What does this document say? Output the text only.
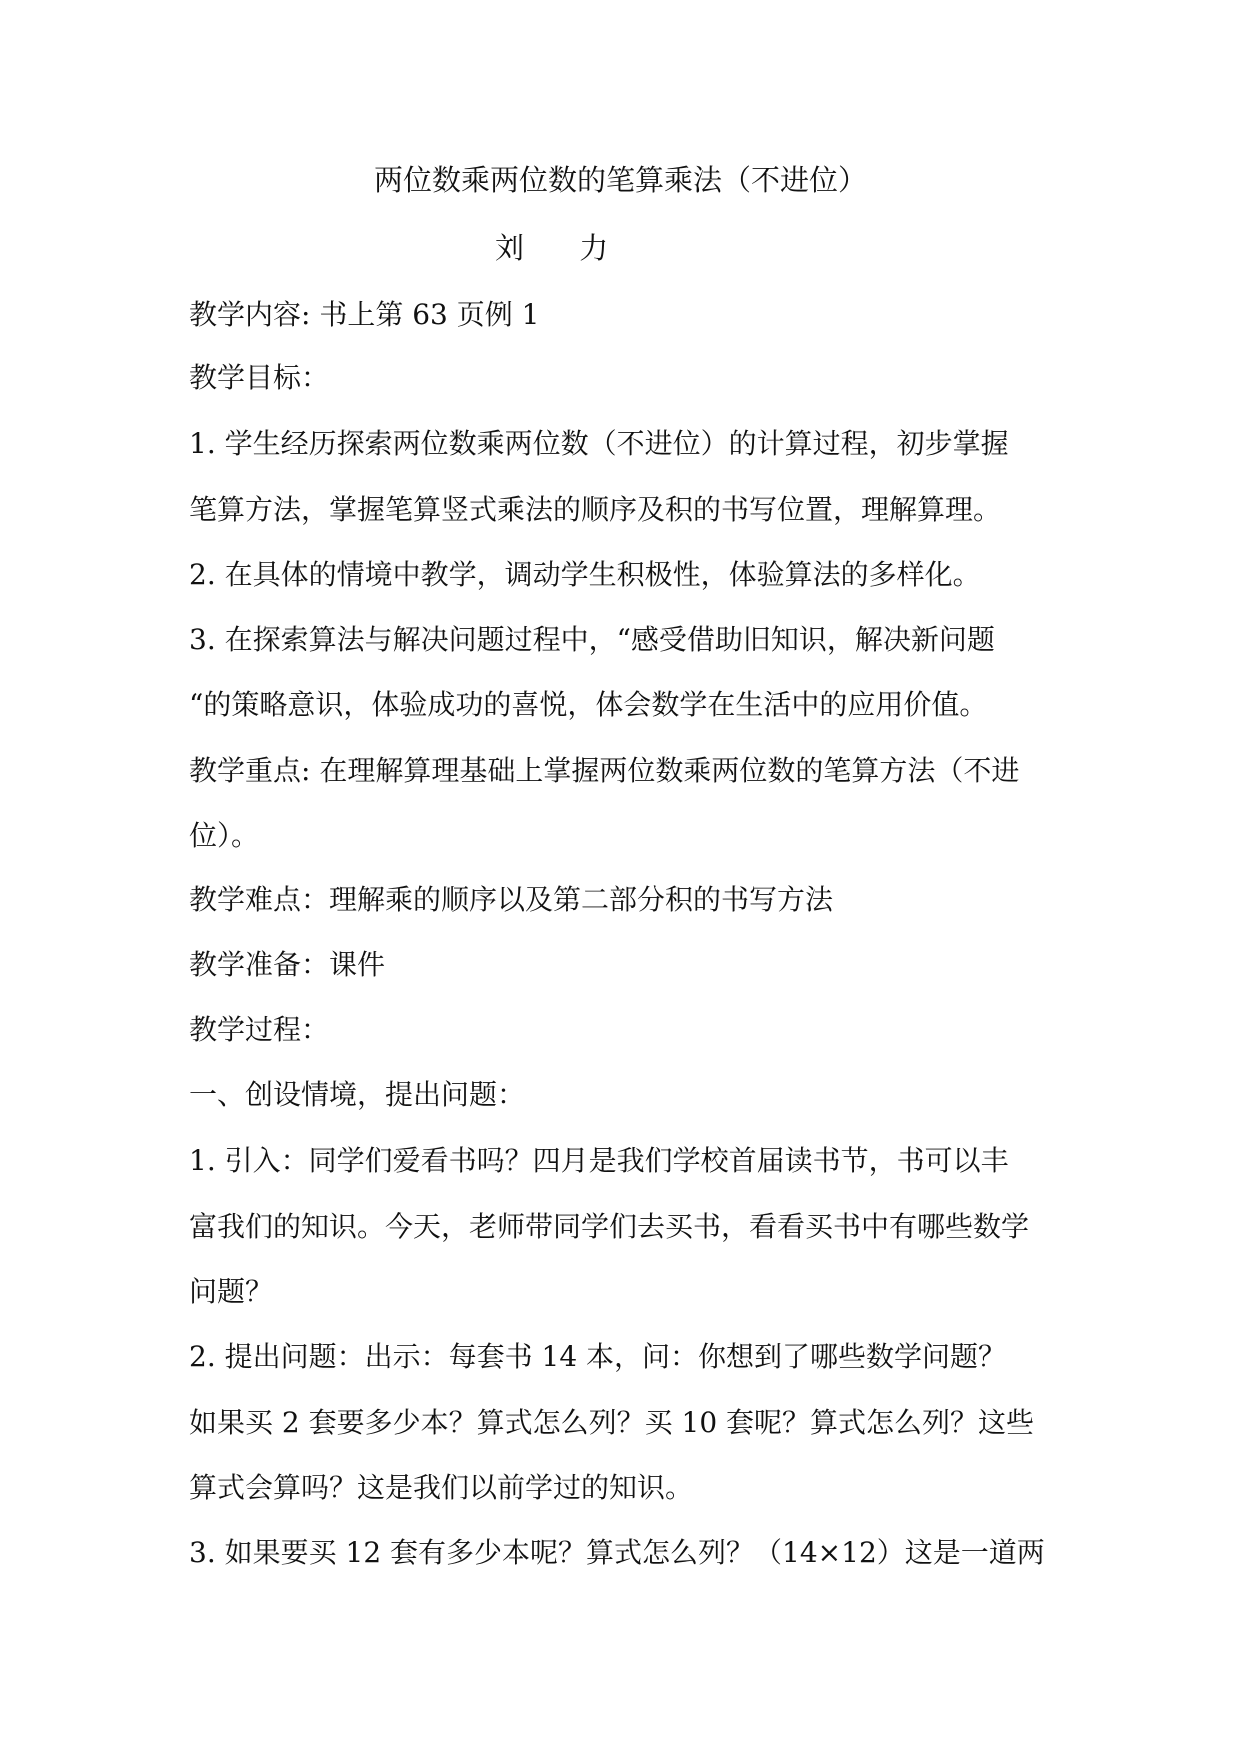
两位数乘两位数的笔算乘法（不进位）
刘      力
教学内容: 书上第 63 页例 1
教学目标：
1. 学生经历探索两位数乘两位数（不进位）的计算过程，初步掌握
笔算方法，掌握笔算竖式乘法的顺序及积的书写位置，理解算理。
2. 在具体的情境中教学，调动学生积极性，体验算法的多样化。
3. 在探索算法与解决问题过程中，“感受借助旧知识，解决新问题
“的策略意识，体验成功的喜悦，体会数学在生活中的应用价值。
教学重点: 在理解算理基础上掌握两位数乘两位数的笔算方法（不进
位）。
教学难点：理解乘的顺序以及第二部分积的书写方法
教学准备：课件
教学过程：
一、创设情境，提出问题：
1. 引入：同学们爱看书吗？四月是我们学校首届读书节，书可以丰
富我们的知识。今天，老师带同学们去买书，看看买书中有哪些数学
问题？
2. 提出问题：出示：每套书 14 本，问：你想到了哪些数学问题？
如果买 2 套要多少本？算式怎么列？买 10 套呢？算式怎么列？这些
算式会算吗？这是我们以前学过的知识。
3. 如果要买 12 套有多少本呢？算式怎么列？（14×12）这是一道两
